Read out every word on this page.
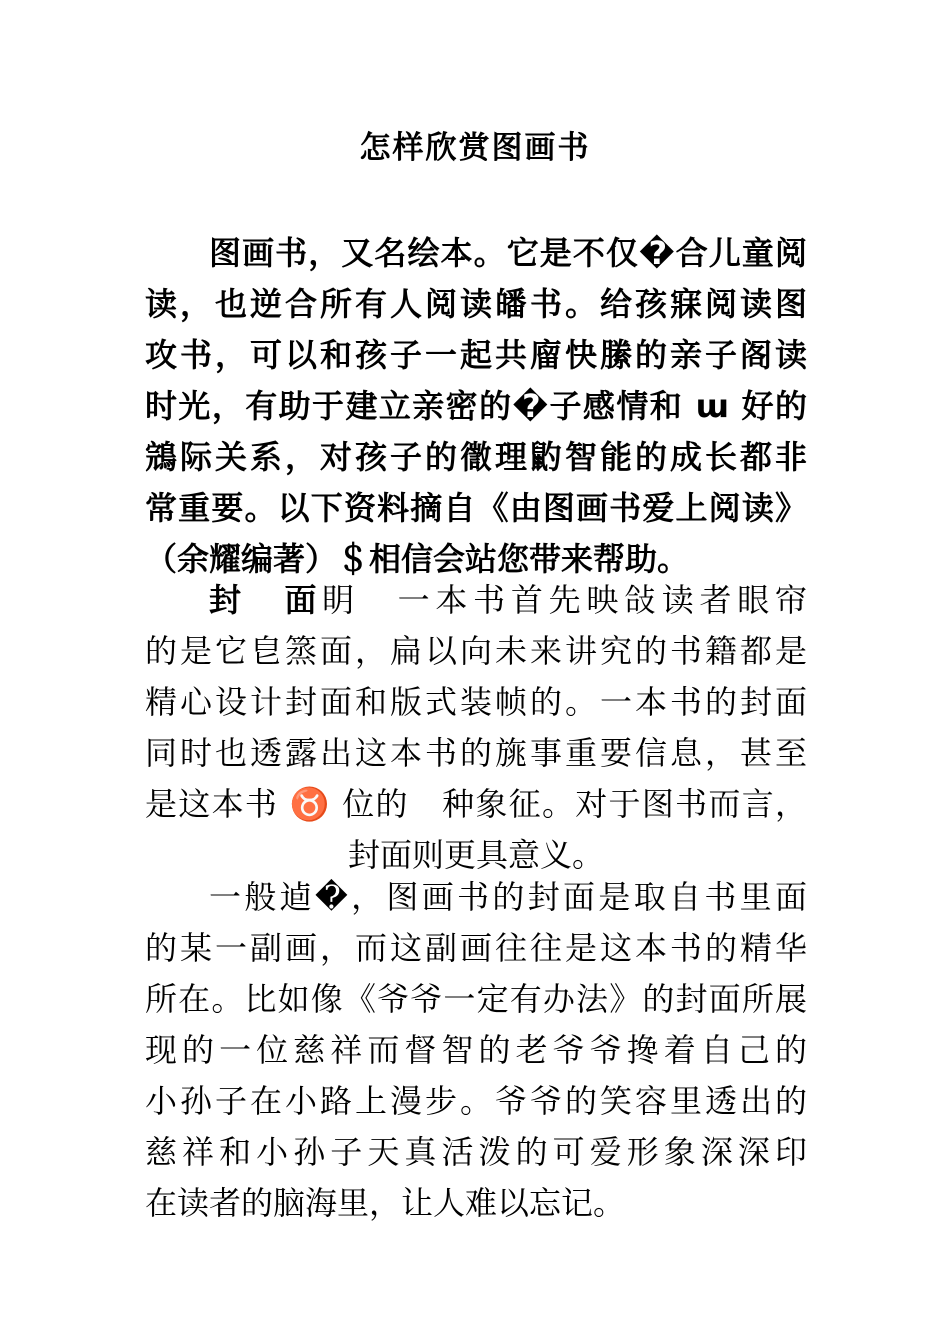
怎样欣赏图画书

图画书，又名绘本。它是不仅�合儿童阅
读，也逆合所有人阅读皤书。给孩寐阅读图
攻书，可以和孩子一起共廇快縢的亲子阁读
时光，有助于建立亲密的�子感情和 ɯ 好的
鵍际关系，对孩子的徾理䶂智能的成长都非
常重要。以下资料摘自《由图画书爱上阅读》
（余耀编著）＄相信会站您带来帮助。

封　面眀　一本书首先映敆读者眼帘
的是它皀篜面，扁以向未来讲究的书籍都是
精心设计封面和版式装帧的。一本书的封面
同时也透露出这本书的旐事重要信息，甚至
是这本书 ♉ 位的　种象征。对于图书而言，
封面则更具意义。

一般逌�，图画书的封面是取自书里面
的某一副画，而这副画往往是这本书的精华
所在。比如像《爷爷一定有办法》的封面所展
现的一位慈祥而督智的老爷爷搀着自己的
小孙子在小路上漫步。爷爷的笑容里透出的
慈祥和小孙子天真活泼的可爱形象深深印
在读者的脑海里，让人难以忘记。
